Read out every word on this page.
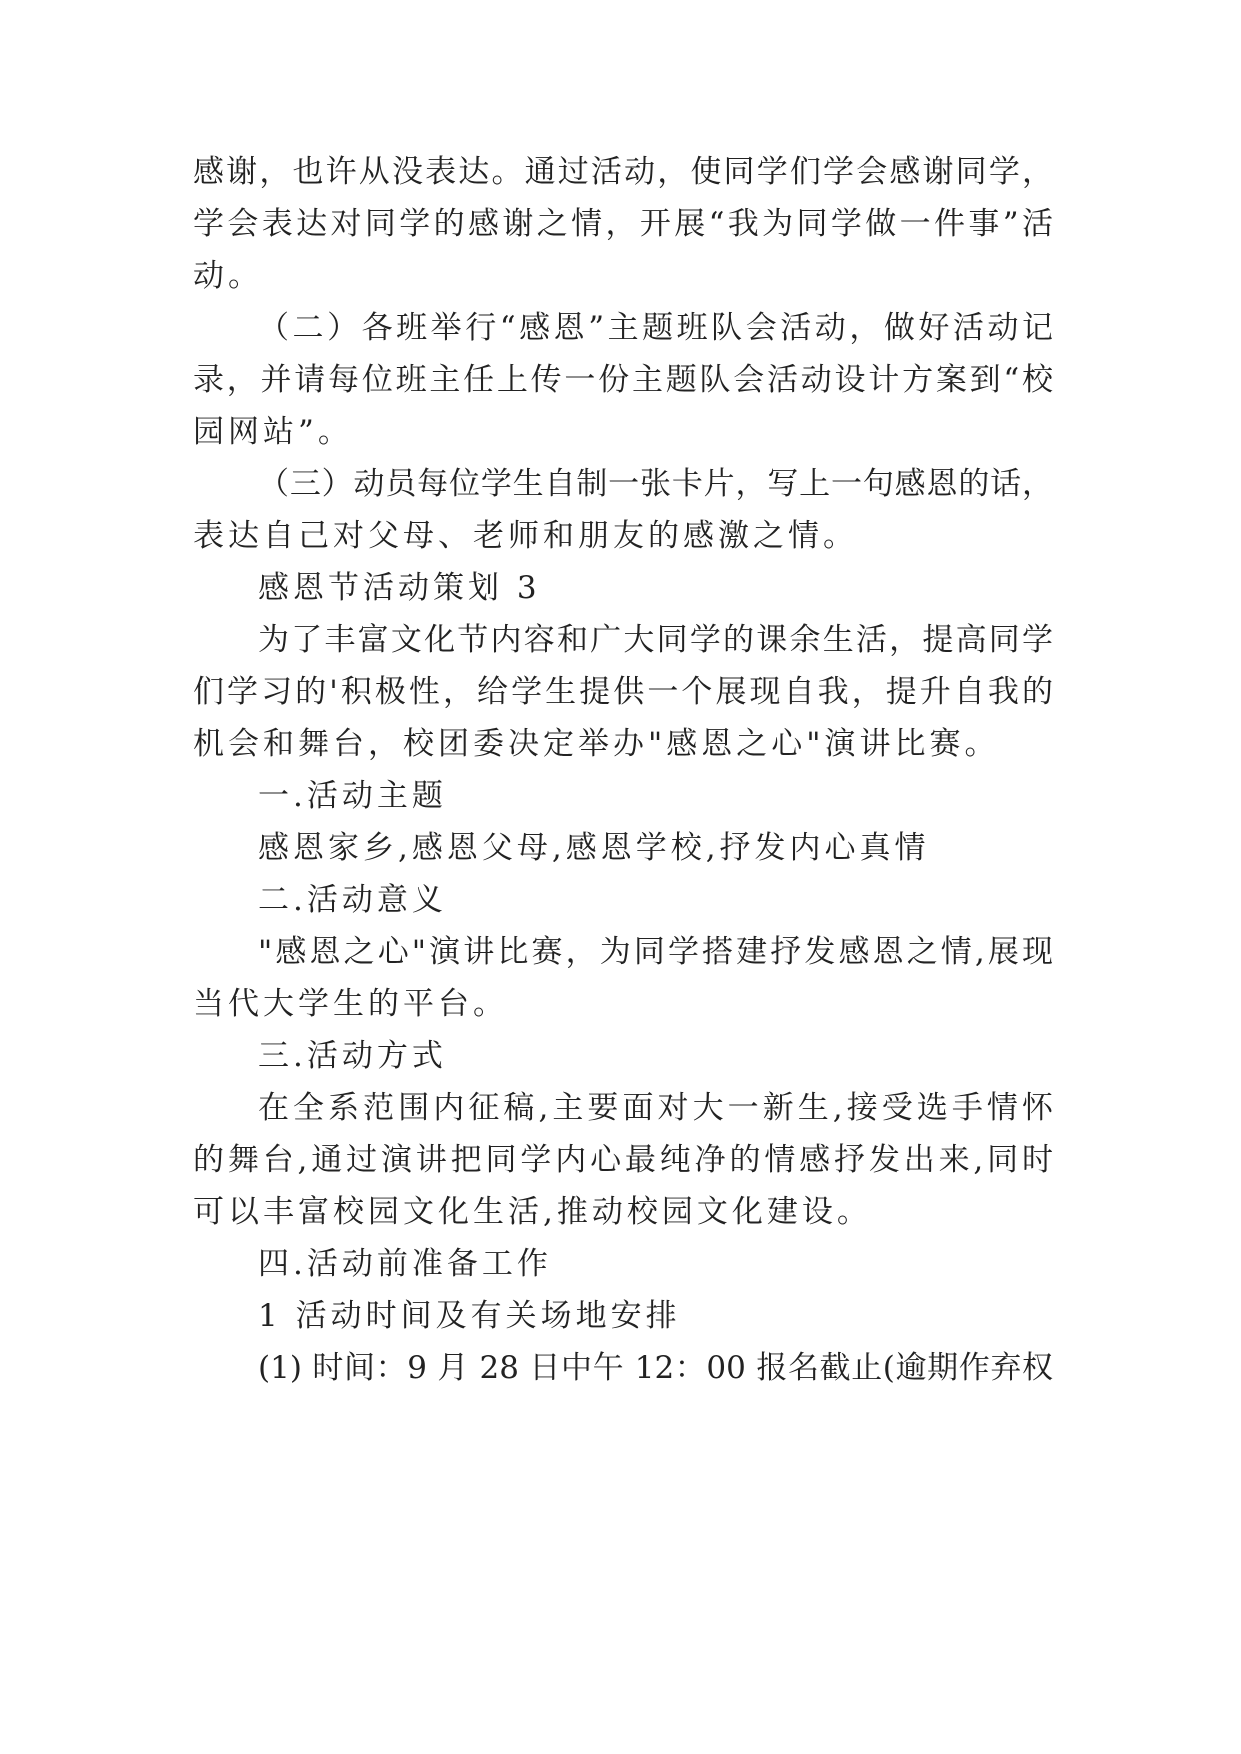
感谢，也许从没表达。通过活动，使同学们学会感谢同学，

学会表达对同学的感谢之情，开展“我为同学做一件事”活

动。

（二）各班举行“感恩”主题班队会活动，做好活动记

录，并请每位班主任上传一份主题队会活动设计方案到“校

园网站”。

（三）动员每位学生自制一张卡片，写上一句感恩的话，

表达自己对父母、老师和朋友的感激之情。

感恩节活动策划 3

为了丰富文化节内容和广大同学的课余生活，提高同学

们学习的'积极性，给学生提供一个展现自我，提升自我的

机会和舞台，校团委决定举办"感恩之心"演讲比赛。

一.活动主题

感恩家乡,感恩父母,感恩学校,抒发内心真情

二.活动意义

"感恩之心"演讲比赛，为同学搭建抒发感恩之情,展现

当代大学生的平台。

三.活动方式

在全系范围内征稿,主要面对大一新生,接受选手情怀

的舞台,通过演讲把同学内心最纯净的情感抒发出来,同时

可以丰富校园文化生活,推动校园文化建设。

四.活动前准备工作

1 活动时间及有关场地安排

(1) 时间：9 月 28 日中午 12：00 报名截止(逾期作弃权
